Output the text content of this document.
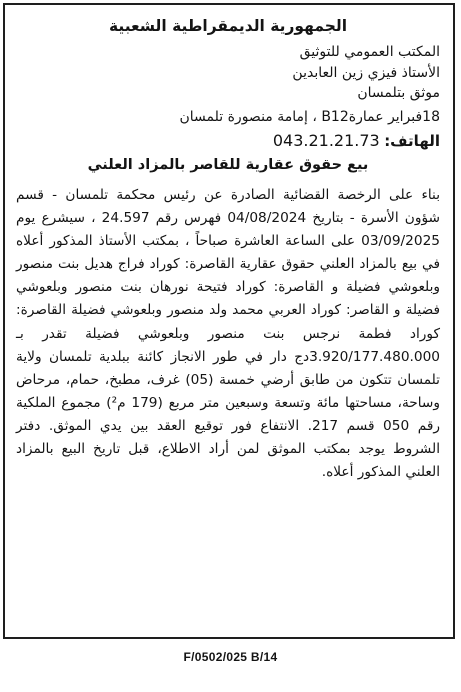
الجمهورية الديمقراطية الشعبية
المكتب العمومي للتوثيق
الأستاذ فيزي زين العابدين
موثق بتلمسان
18فبراير عمارةB12 ، إمامة منصورة تلمسان
الهاتف: 043.21.21.73
بيع حقوق عقارية للقاصر بالمزاد العلني

بناء على الرخصة القضائية الصادرة عن رئيس محكمة تلمسان - قسم شؤون الأسرة - بتاريخ 04/08/2024 فهرس رقم 24.597 ، سيشرع يوم 03/09/2025 على الساعة العاشرة صباحاً ، بمكتب الأستاذ المذكور أعلاه في بيع بالمزاد العلني حقوق عقارية القاصرة: كوراد فراج هديل بنت منصور وبلعوشي فضيلة و القاصرة: كوراد فتيحة نورهان بنت منصور وبلعوشي فضيلة و القاصر: كوراد العربي محمد ولد منصور وبلعوشي فضيلة القاصرة: كوراد فطمة نرجس بنت منصور وبلعوشي فضيلة تقدر بـ 3.920/177.480.000دج دار في طور الانجاز كائنة ببلدية تلمسان ولاية تلمسان تتكون من طابق أرضي خمسة (05) غرف، مطبخ، حمام، مرحاض وساحة، مساحتها مائة وتسعة وسبعين متر مربع (179 م²) مجموع الملكية رقم 050 قسم 217. الانتفاع فور توقيع العقد بين يدي الموثق. دفتر الشروط يوجد بمكتب الموثق لمن أراد الاطلاع، قبل تاريخ البيع بالمزاد العلني المذكور أعلاه.

F/0502/025 B/14
